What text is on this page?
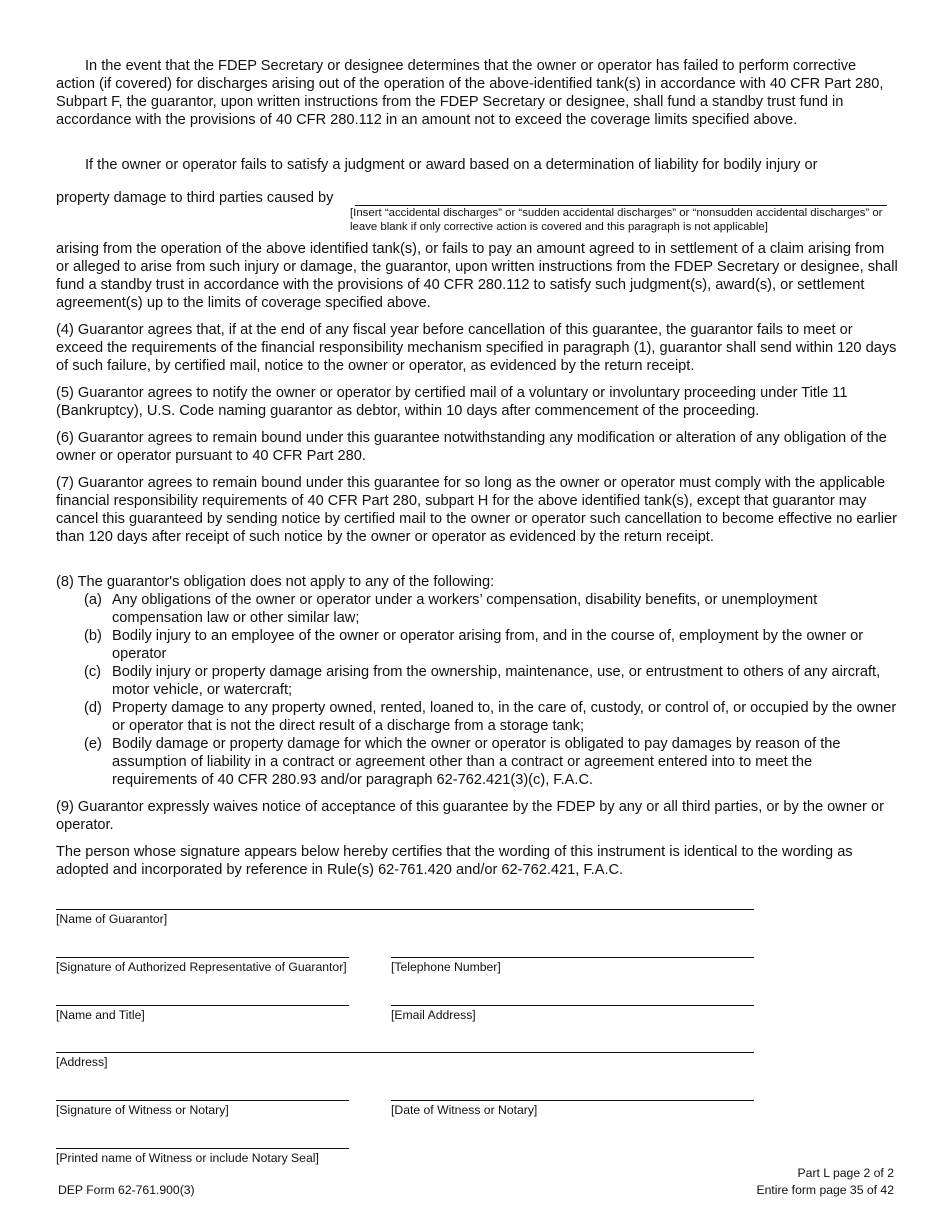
In the event that the FDEP Secretary or designee determines that the owner or operator has failed to perform corrective action (if covered) for discharges arising out of the operation of the above-identified tank(s) in accordance with 40 CFR Part 280, Subpart F, the guarantor, upon written instructions from the FDEP Secretary or designee, shall fund a standby trust fund in accordance with the provisions of 40 CFR 280.112 in an amount not to exceed the coverage limits specified above.

If the owner or operator fails to satisfy a judgment or award based on a determination of liability for bodily injury or

property damage to third parties caused by

[Insert “accidental discharges” or “sudden accidental discharges” or “nonsudden accidental discharges” or leave blank if only corrective action is covered and this paragraph is not applicable]

arising from the operation of the above identified tank(s), or fails to pay an amount agreed to in settlement of a claim arising from or alleged to arise from such injury or damage, the guarantor, upon written instructions from the FDEP Secretary or designee, shall fund a standby trust in accordance with the provisions of 40 CFR 280.112 to satisfy such judgment(s), award(s), or settlement agreement(s) up to the limits of coverage specified above.

(4) Guarantor agrees that, if at the end of any fiscal year before cancellation of this guarantee, the guarantor fails to meet or exceed the requirements of the financial responsibility mechanism specified in paragraph (1), guarantor shall send within 120 days of such failure, by certified mail, notice to the owner or operator, as evidenced by the return receipt.

(5) Guarantor agrees to notify the owner or operator by certified mail of a voluntary or involuntary proceeding under Title 11 (Bankruptcy), U.S. Code naming guarantor as debtor, within 10 days after commencement of the proceeding.

(6) Guarantor agrees to remain bound under this guarantee notwithstanding any modification or alteration of any obligation of the owner or operator pursuant to 40 CFR Part 280.

(7) Guarantor agrees to remain bound under this guarantee for so long as the owner or operator must comply with the applicable financial responsibility requirements of 40 CFR Part 280, subpart H for the above identified tank(s), except that guarantor may cancel this guaranteed by sending notice by certified mail to the owner or operator such cancellation to become effective no earlier than 120 days after receipt of such notice by the owner or operator as evidenced by the return receipt.

(8) The guarantor's obligation does not apply to any of the following:

(a) Any obligations of the owner or operator under a workers’ compensation, disability benefits, or unemployment compensation law or other similar law;
(b) Bodily injury to an employee of the owner or operator arising from, and in the course of, employment by the owner or operator
(c) Bodily injury or property damage arising from the ownership, maintenance, use, or entrustment to others of any aircraft, motor vehicle, or watercraft;
(d) Property damage to any property owned, rented, loaned to, in the care of, custody, or control of, or occupied by the owner or operator that is not the direct result of a discharge from a storage tank;
(e) Bodily damage or property damage for which the owner or operator is obligated to pay damages by reason of the assumption of liability in a contract or agreement other than a contract or agreement entered into to meet the requirements of 40 CFR 280.93 and/or paragraph 62-762.421(3)(c), F.A.C.

(9) Guarantor expressly waives notice of acceptance of this guarantee by the FDEP by any or all third parties, or by the owner or operator.

The person whose signature appears below hereby certifies that the wording of this instrument is identical to the wording as adopted and incorporated by reference in Rule(s) 62-761.420 and/or 62-762.421, F.A.C.

[Name of Guarantor]
[Signature of Authorized Representative of Guarantor]	[Telephone Number]
[Name and Title]	[Email Address]
[Address]
[Signature of Witness or Notary]	[Date of Witness or Notary]
[Printed name of Witness or include Notary Seal]
DEP Form 62-761.900(3)
Part L page 2 of 2
Entire form page 35 of 42
